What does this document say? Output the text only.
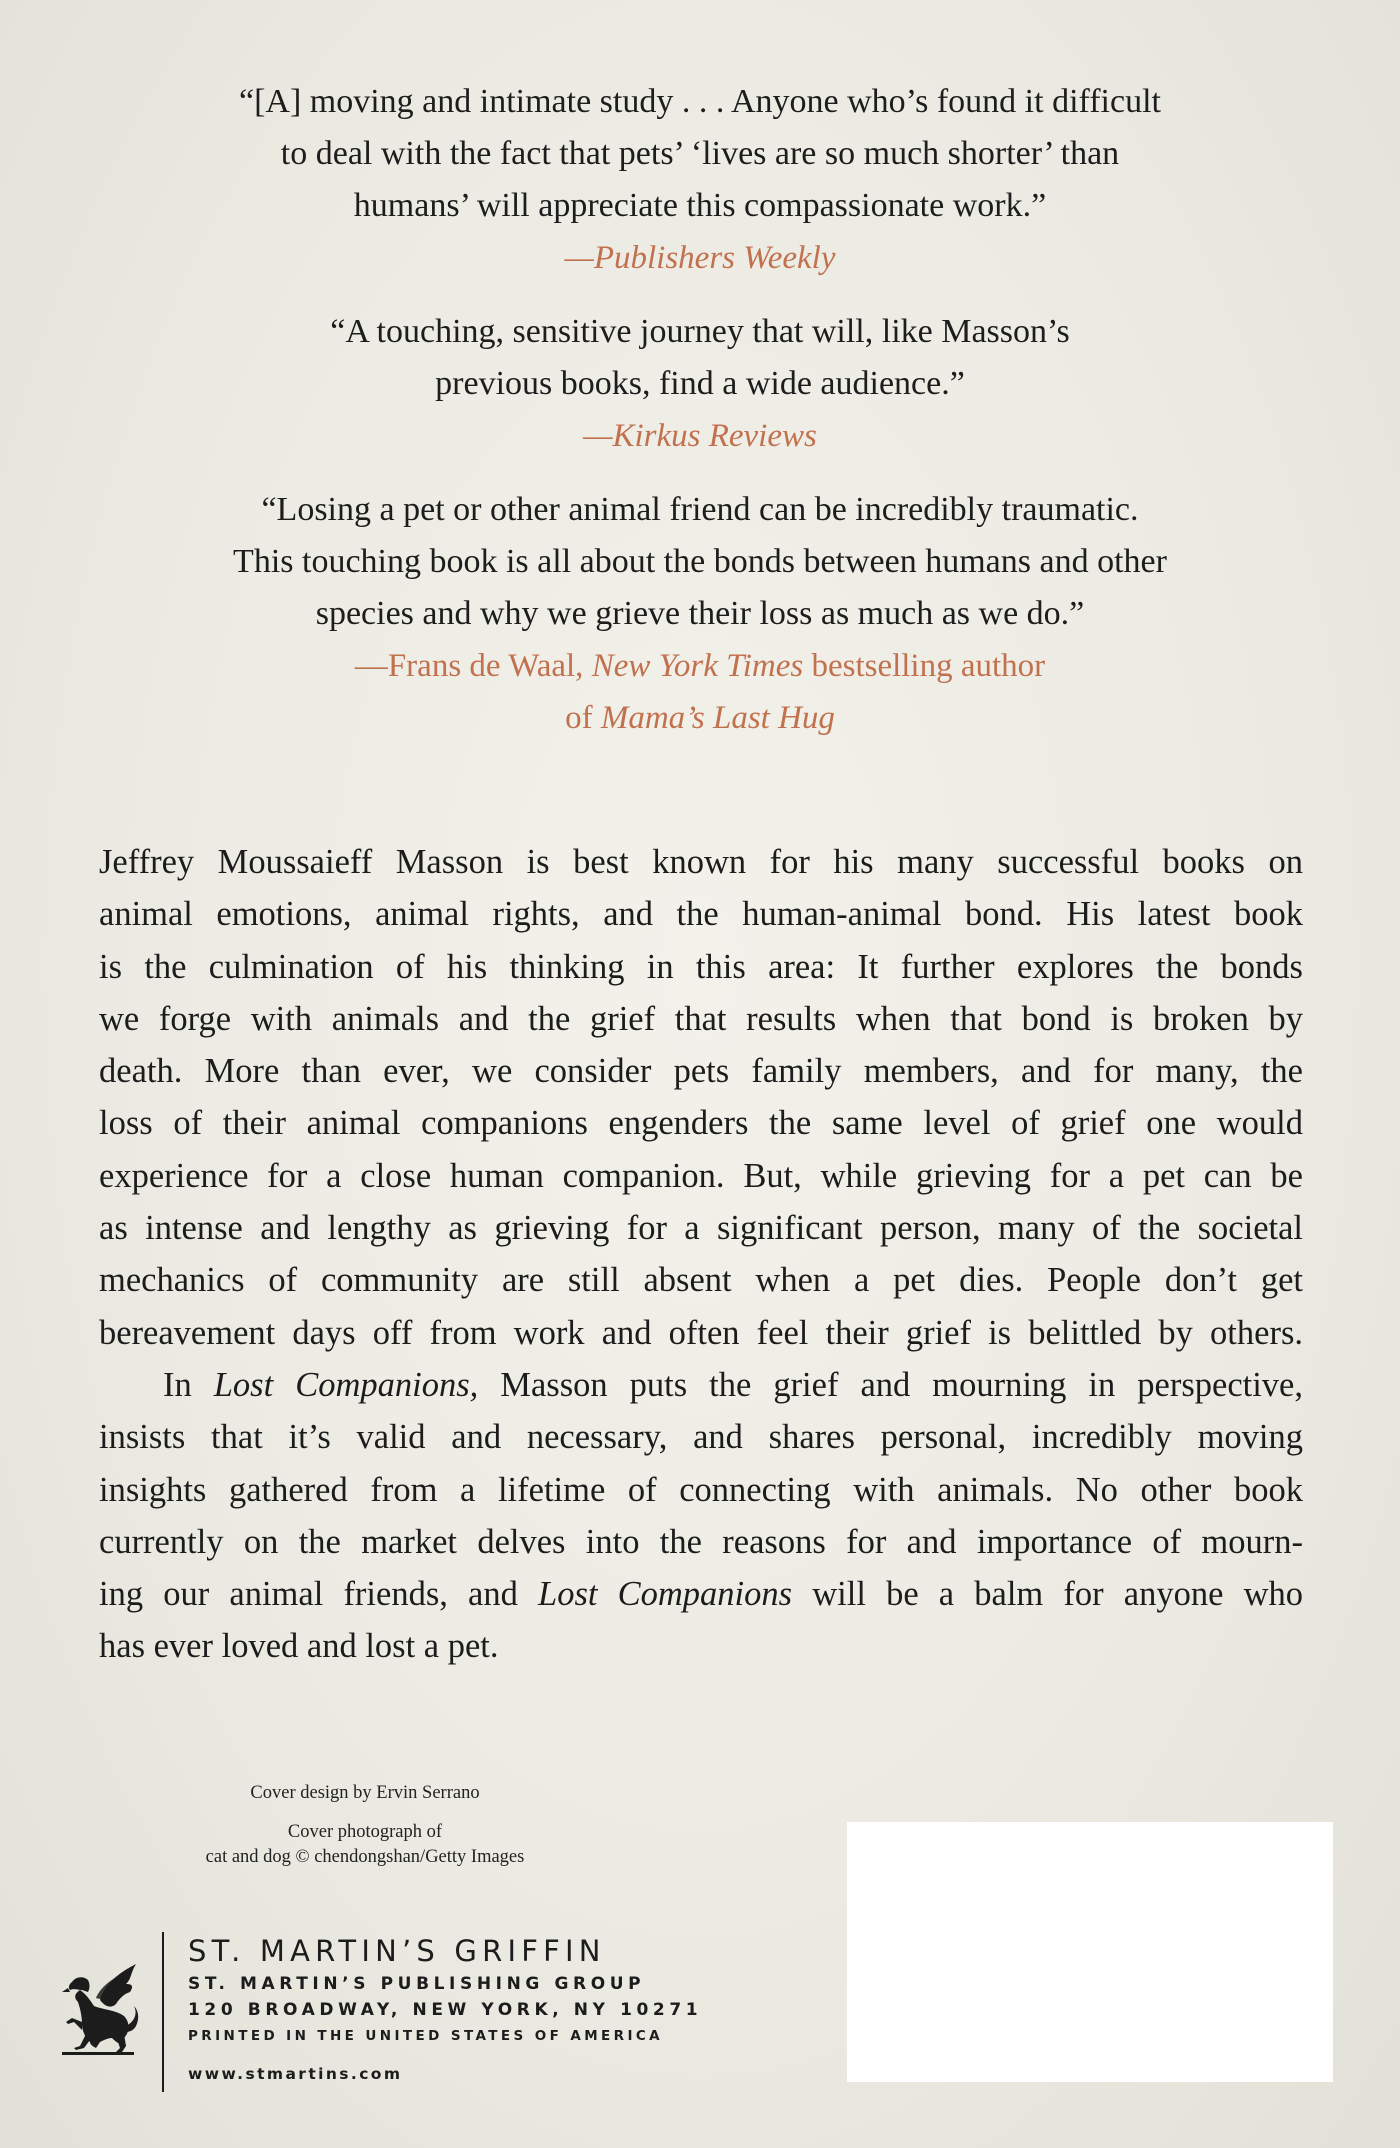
“[A] moving and intimate study . . . Anyone who’s found it difficult
to deal with the fact that pets’ ‘lives are so much shorter’ than
humans’ will appreciate this compassionate work.”
—Publishers Weekly
“A touching, sensitive journey that will, like Masson’s
previous books, find a wide audience.”
—Kirkus Reviews
“Losing a pet or other animal friend can be incredibly traumatic.
This touching book is all about the bonds between humans and other
species and why we grieve their loss as much as we do.”
—Frans de Waal, New York Times bestselling author
of Mama’s Last Hug
Jeffrey Moussaieff Masson is best known for his many successful books on
animal emotions, animal rights, and the human-animal bond. His latest book
is the culmination of his thinking in this area: It further explores the bonds
we forge with animals and the grief that results when that bond is broken by
death. More than ever, we consider pets family members, and for many, the
loss of their animal companions engenders the same level of grief one would
experience for a close human companion. But, while grieving for a pet can be
as intense and lengthy as grieving for a significant person, many of the societal
mechanics of community are still absent when a pet dies. People don’t get
bereavement days off from work and often feel their grief is belittled by others.
In Lost Companions, Masson puts the grief and mourning in perspective,
insists that it’s valid and necessary, and shares personal, incredibly moving
insights gathered from a lifetime of connecting with animals. No other book
currently on the market delves into the reasons for and importance of mourn-
ing our animal friends, and Lost Companions will be a balm for anyone who
has ever loved and lost a pet.
Cover design by Ervin Serrano
Cover photograph of
cat and dog © chendongshan/Getty Images
ST. MARTIN’S GRIFFIN
ST. MARTIN’S PUBLISHING GROUP
120 BROADWAY, NEW YORK, NY 10271
PRINTED IN THE UNITED STATES OF AMERICA
www.stmartins.com
